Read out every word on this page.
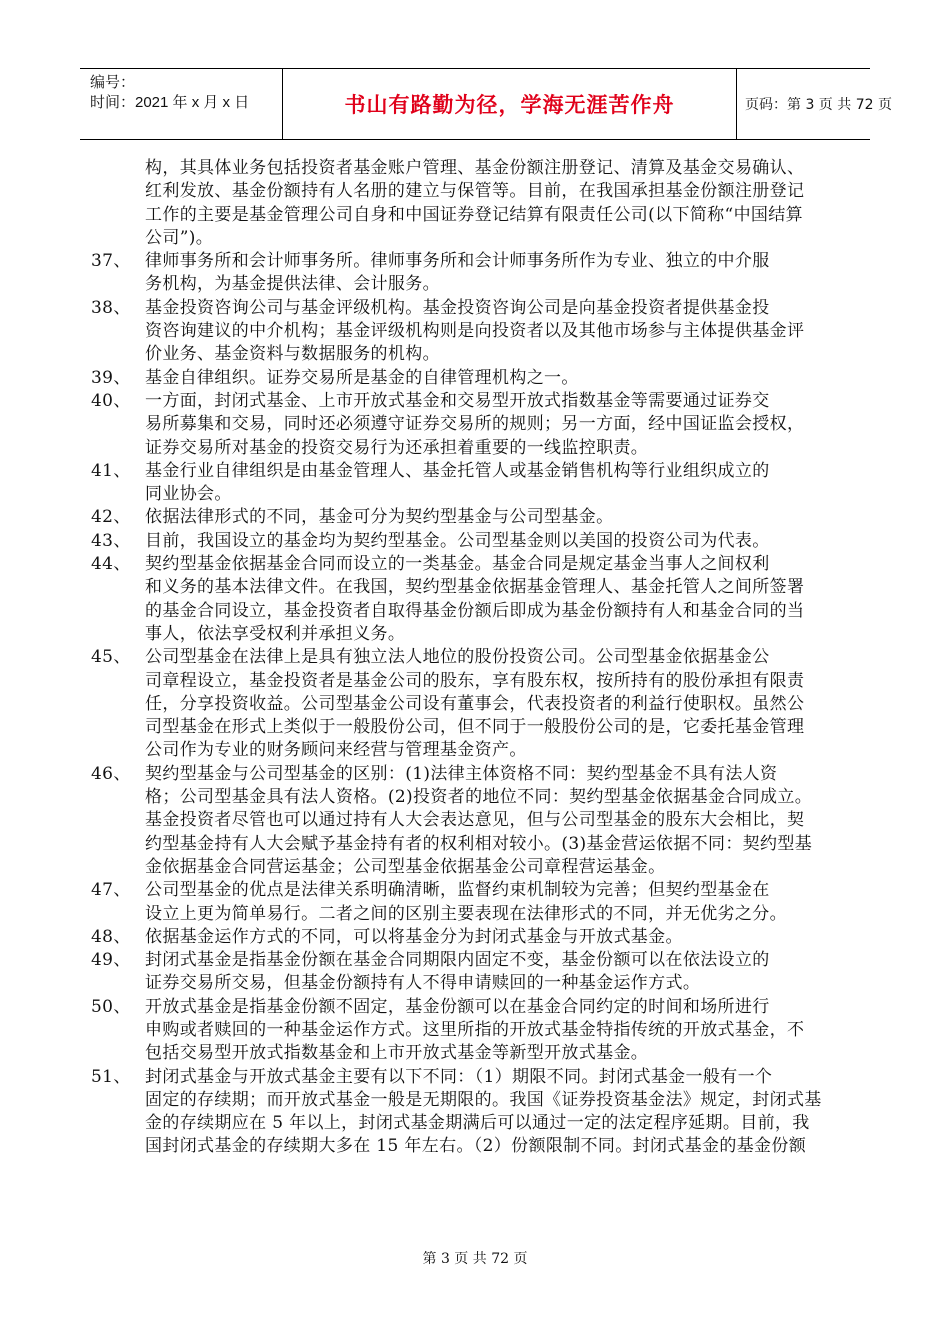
编号：
时间：2021 年 x 月 x 日	书山有路勤为径，学海无涯苦作舟	页码：第 3 页 共 72 页
构，其具体业务包括投资者基金账户管理、基金份额注册登记、清算及基金交易确认、
红利发放、基金份额持有人名册的建立与保管等。目前，在我国承担基金份额注册登记
工作的主要是基金管理公司自身和中国证券登记结算有限责任公司(以下简称“中国结算
公司”)。
37、 律师事务所和会计师事务所。律师事务所和会计师事务所作为专业、独立的中介服
务机构，为基金提供法律、会计服务。
38、 基金投资咨询公司与基金评级机构。基金投资咨询公司是向基金投资者提供基金投
资咨询建议的中介机构；基金评级机构则是向投资者以及其他市场参与主体提供基金评
价业务、基金资料与数据服务的机构。
39、 基金自律组织。证券交易所是基金的自律管理机构之一。
40、 一方面，封闭式基金、上市开放式基金和交易型开放式指数基金等需要通过证券交
易所募集和交易，同时还必须遵守证券交易所的规则；另一方面，经中国证监会授权，
证券交易所对基金的投资交易行为还承担着重要的一线监控职责。
41、 基金行业自律组织是由基金管理人、基金托管人或基金销售机构等行业组织成立的
同业协会。
42、 依据法律形式的不同，基金可分为契约型基金与公司型基金。
43、 目前，我国设立的基金均为契约型基金。公司型基金则以美国的投资公司为代表。
44、 契约型基金依据基金合同而设立的一类基金。基金合同是规定基金当事人之间权利
和义务的基本法律文件。在我国，契约型基金依据基金管理人、基金托管人之间所签署
的基金合同设立，基金投资者自取得基金份额后即成为基金份额持有人和基金合同的当
事人，依法享受权利并承担义务。
45、 公司型基金在法律上是具有独立法人地位的股份投资公司。公司型基金依据基金公
司章程设立，基金投资者是基金公司的股东，享有股东权，按所持有的股份承担有限责
任，分享投资收益。公司型基金公司设有董事会，代表投资者的利益行使职权。虽然公
司型基金在形式上类似于一般股份公司，但不同于一般股份公司的是，它委托基金管理
公司作为专业的财务顾问来经营与管理基金资产。
46、 契约型基金与公司型基金的区别：(1)法律主体资格不同：契约型基金不具有法人资
格；公司型基金具有法人资格。(2)投资者的地位不同：契约型基金依据基金合同成立。
基金投资者尽管也可以通过持有人大会表达意见，但与公司型基金的股东大会相比，契
约型基金持有人大会赋予基金持有者的权利相对较小。(3)基金营运依据不同：契约型基
金依据基金合同营运基金；公司型基金依据基金公司章程营运基金。
47、 公司型基金的优点是法律关系明确清晰，监督约束机制较为完善；但契约型基金在
设立上更为简单易行。二者之间的区别主要表现在法律形式的不同，并无优劣之分。
48、 依据基金运作方式的不同，可以将基金分为封闭式基金与开放式基金。
49、 封闭式基金是指基金份额在基金合同期限内固定不变，基金份额可以在依法设立的
证券交易所交易，但基金份额持有人不得申请赎回的一种基金运作方式。
50、 开放式基金是指基金份额不固定，基金份额可以在基金合同约定的时间和场所进行
申购或者赎回的一种基金运作方式。这里所指的开放式基金特指传统的开放式基金，不
包括交易型开放式指数基金和上市开放式基金等新型开放式基金。
51、 封闭式基金与开放式基金主要有以下不同：（1）期限不同。封闭式基金一般有一个
固定的存续期；而开放式基金一般是无期限的。我国《证券投资基金法》规定，封闭式基
金的存续期应在 5 年以上，封闭式基金期满后可以通过一定的法定程序延期。目前，我
国封闭式基金的存续期大多在 15 年左右。（2）份额限制不同。封闭式基金的基金份额
第 3 页 共 72 页
